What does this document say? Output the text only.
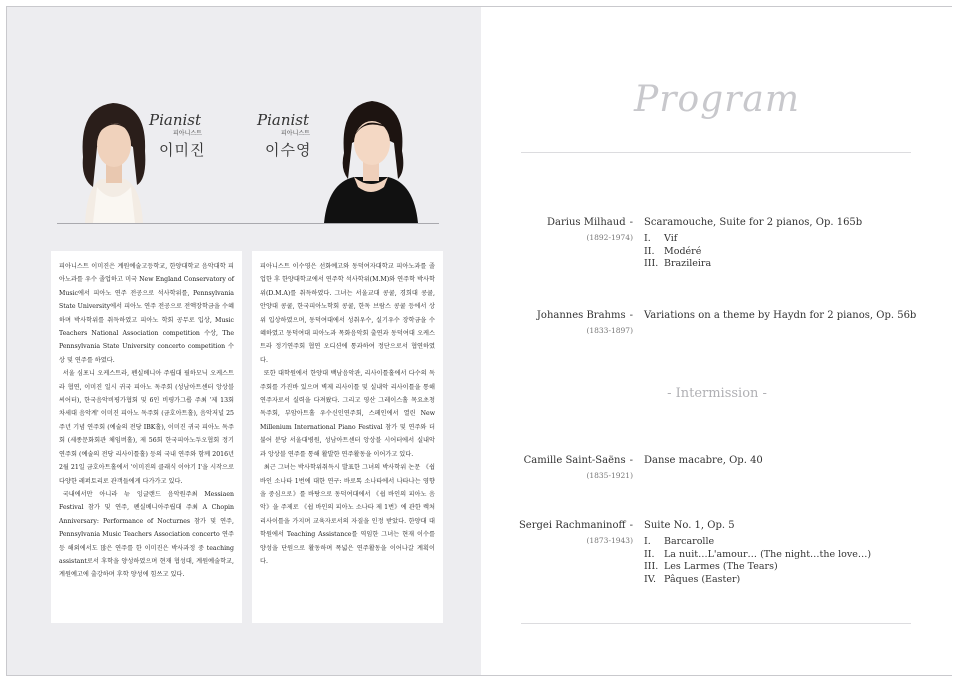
Pianist
피아니스트
이미진
Pianist
피아니스트
이수영

피아니스트 이미진은 계원예술고등학교, 한양대학교 음악대학 피아노과를 우수 졸업하고 미국 New England Conservatory of Music에서 피아노 연주 전공으로 석사학위를, Pennsylvania State University에서 피아노 연주 전공으로 전액장학금을 수혜하며 박사학위를 취득하였고 피아노 학회 공무로 입상, Music Teachers National Association competition 수상, The Pennsylvania State University concerto competition 수상 및 연주를 하였다.

서울 심포니 오케스트라, 펜실베니아 주립대 필하모닉 오케스트라 협연, 이미진 일시 귀국 피아노 독주회 (성남아트센터 앙상블씨어터), 한국음악비평가협회 및 6인 비평가그룹 주최 '제 13회 차세대 음악계' 이미진 피아노 독주회 (금호아트홀), 음악저널 25주년 기념 연주회 (예술의 전당 IBK홀), 이미진 귀국 피아노 독주회 (세종문화회관 체임버홀), 제 56회 한국피아노두오협회 정기연주회 (예술의 전당 리사이틀홀) 등의 국내 연주와 함께 2016년 2월 21일 금호아트홀에서 '이미진의 클래식 이야기 Ⅰ'을 시작으로 다양한 레퍼토리로 관객들에게 다가가고 있다.

국내에서만 아니라 뉴 잉글랜드 음악원주최 Messiaen Festival 참가 및 연주, 펜실베니아주립대 주최 A Chopin Anniversary: Performance of Nocturnes 참가 및 연주, Pennsylvania Music Teachers Association concerto 연주 등 해외에서도 많은 연주를 한 이미진은 박사과정 중 teaching assistant로서 후학을 양성하였으며 현재 협성대, 계원예술학교, 계원예고에 출강하며 후학 양성에 힘쓰고 있다.

피아니스트 이수영은 선화예고와 동덕여자대학교 피아노과를 졸업한 후 한양대학교에서 연주학 석사학위(M.M)와 연주학 박사학위(D.M.A)를 취득하였다. 그녀는 서울교대 콩쿨, 경희대 콩쿨, 안양대 콩쿨, 한국피아노학회 콩쿨, 한독 브람스 콩쿨 등에서 상위 입상하였으며, 동덕여대에서 성취우수, 실기우수 장학금을 수혜하였고 동덕여대 피아노과 목화음악회 출연과 동덕여대 오케스트라 정기연주회 협연 오디션에 통과하여 정단으로서 협연하였다.

또한 대학원에서 한양대 백남음악관, 리사이틀홀에서 다수의 독주회를 가진바 있으며 벽제 리사이틀 및 실내악 리사이틀을 통해 연주자로서 실력을 다져왔다. 그리고 영산 그레이스홀 목요초청 독주회, 부암아트홀 우수신인연주회, 스페인에서 열린 New Millenium International Piano Festival 참가 및 연주와 더불어 분당 서울대병원, 성남아트센터 앙상블 시어터에서 실내악과 앙상블 연주를 통해 활발한 연주활동을 이어가고 있다.

최근 그녀는 박사학위취득시 발표한 그녀의 박사학위 논문 《쉽 바인 소나타 1번에 대한 연구: 바로톡 소나타에서 나타나는 영향을 중심으로》를 바탕으로 동덕여대에서 《쉽 바인의 피아노 음악》을 주제로 《쉽 바인의 피아노 소나타 제 1번》에 관한 렉처 리사이틀을 가지며 교육자로서의 자질을 인정 받았다. 한양대 대학원에서 Teaching Assistance를 역임한 그녀는 현재 이수를 양성을 단원으로 활동하며 폭넓은 연주활동을 이어나갈 계획이다.

Program
Darius Milhaud -
(1892-1974)
Scaramouche, Suite for 2 pianos, Op. 165b
I.	Vif
II. Modéré
III. Brazileira
Johannes Brahms -
(1833-1897)
Variations on a theme by Haydn for 2 pianos, Op. 56b
- Intermission -
Camille Saint-Saëns -
(1835-1921)
Danse macabre, Op. 40
Sergei Rachmaninoff -
(1873-1943)
Suite No. 1, Op. 5
I.	Barcarolle
II. La nuit…L'amour… (The night…the love…)
III. Les Larmes (The Tears)
IV. Pâques (Easter)
